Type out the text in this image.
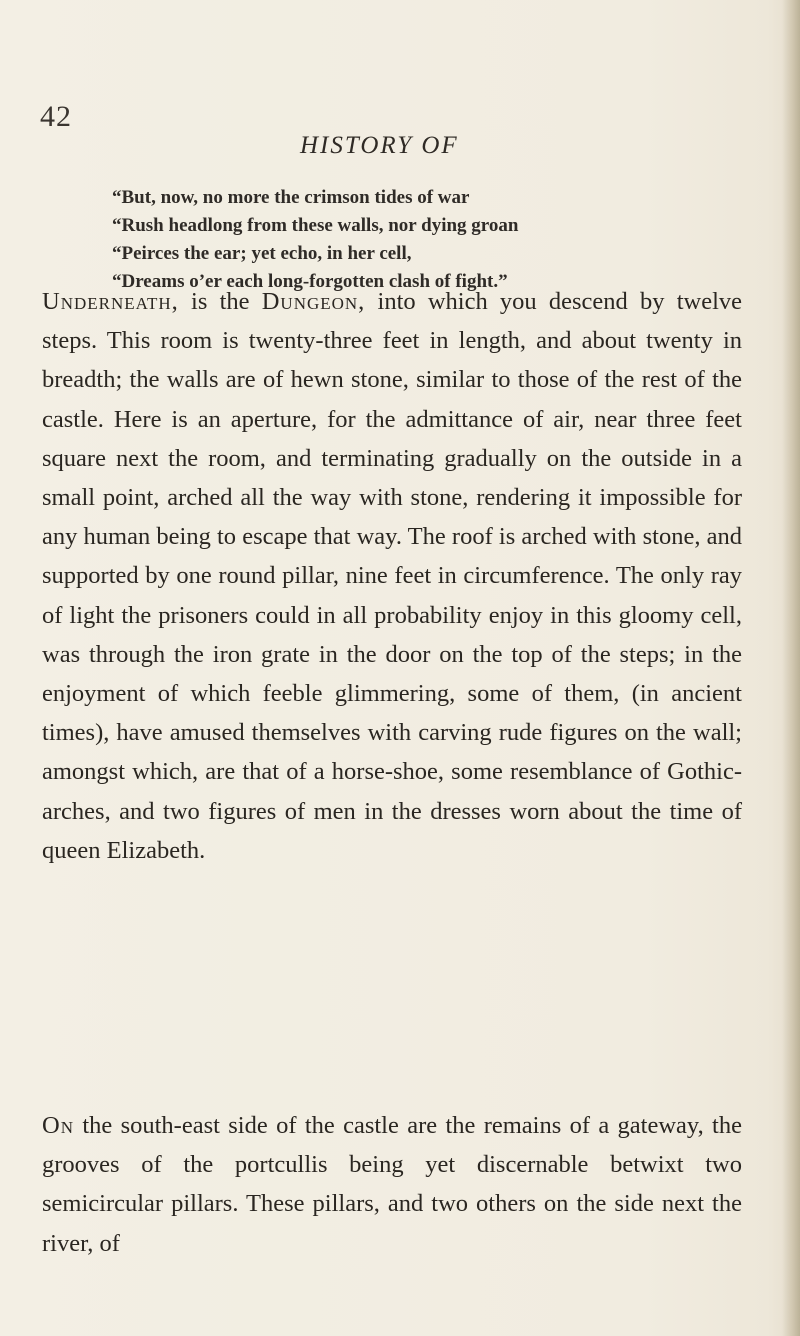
42
HISTORY OF
“But, now, no more the crimson tides of war
“Rush headlong from these walls, nor dying groan
“Peirces the ear; yet echo, in her cell,
“Dreams o’er each long-forgotten clash of fight.”
Underneath, is the Dungeon, into which you descend by twelve steps. This room is twenty-three feet in length, and about twenty in breadth; the walls are of hewn stone, similar to those of the rest of the castle. Here is an aperture, for the admittance of air, near three feet square next the room, and terminating gradually on the outside in a small point, arched all the way with stone, rendering it impossible for any human being to escape that way. The roof is arched with stone, and supported by one round pillar, nine feet in circumference. The only ray of light the prisoners could in all probability enjoy in this gloomy cell, was through the iron grate in the door on the top of the steps; in the enjoyment of which feeble glimmering, some of them, (in ancient times), have amused themselves with carving rude figures on the wall; amongst which, are that of a horse-shoe, some resemblance of Gothic-arches, and two figures of men in the dresses worn about the time of queen Elizabeth.
On the south-east side of the castle are the remains of a gateway, the grooves of the portcullis being yet discernable betwixt two semicircular pillars. These pillars, and two others on the side next the river, of
